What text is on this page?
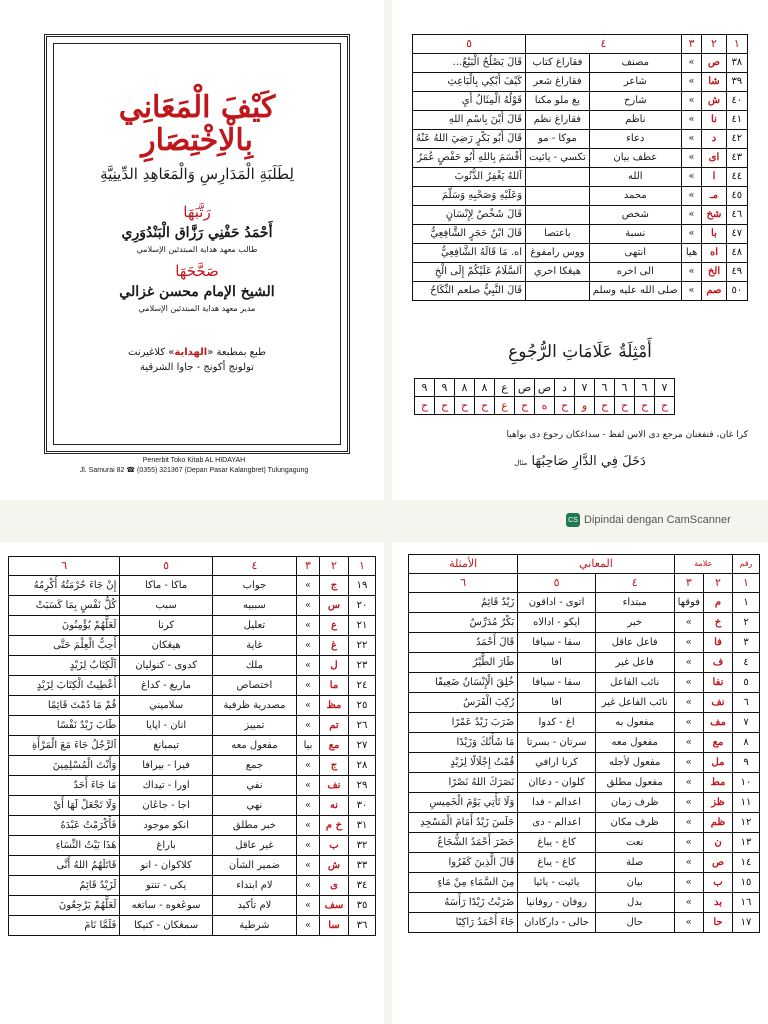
كَيْفَ الْمَعَانِي بِالْاِخْتِصَارِ
لِطَلَبَةِ الْمَدَارِسِ وَالْمَعَاهِدِ الدِّينِيَّةِ
رَتَّبَهَا
أَحْمَدُ حَفْنِي رَزَّاق الْبَنْدُوَرِي
طالب معهد هداية المبتدئين الإسلامي
صَحَّحَهَا
الشيخ الإمام محسن غزالي
مدير معهد هداية المبتدئين الإسلامي
طبع بمطبعة «الهداية» كلاغيرنت
تولونج أكونج - جاوا الشرقية
Penerbit Toko Kitab AL HIDAYAH
Jl. Samurai 82 ☎ (0355) 321367 (Depan Pasar Kalangbret) Tulungagung
١	٢	٣	٤		٥
٣٨	ص	»	مصنف	فقاراغ كتاب	قَالَ يَصْلُحُ الْبَيْعُ...
٣٩	شا	»	شاعر	فقاراغ شعر	كَيْفَ أَبْكِي بِالْبَاعِثِ
٤٠	ش	»	شارح	يغ ملو مكنا	قَوْلُهُ الْمِثَالُ أَيِ
٤١	نا	»	ناظم	فقاراغ نظم	قَالَ أَيْنَ بِاسْمِ اللهِ
٤٢	د	»	دعاء	موكا - مو	قَالَ أَبُو بَكْرٍ رَضِيَ اللهُ عَنْهُ
٤٣	اى	»	عطف بيان	تكسي - يائيت	أَقْسَمَ بِاللهِ أَبُو حَفْصٍ عُمَرُ
٤٤	ا	»	الله		اَللهُ يَغْفِرُ الذُّنُوبَ
٤٥	مـ	»	محمد		وَعَلَيْهِ وَصَحْبِهِ وَسَلَّمَ
٤٦	شخ	»	شخص		قَالَ شَخْصٌ لِإِنْسَانٍ
٤٧	با	»	نسبة	باعتصا	قَالَ ابْنُ حَجَرٍ الشَّافِعِيُّ
٤٨	اه	هيا	انتهى	ووس رامفوغ	اه. مَا قَالَهُ الشَّافِعِيُّ
٤٩	الخ	»	الى اخره	هيڠكا اخري	اَلسَّلَامُ عَلَيْكُمْ إِلَى الْخِ
٥٠	صم	»	صلى الله عليه وسلم		قَالَ النَّبِيُّ صلعم النِّكَاحُ
أَمْثِلَةُ عَلَامَاتِ الرُّجُوعِ
٩	٩	٨	٨	ع	ص	ص	د	٧	٦	٦	٦	٧
ح	ح	ح	ح	ع	ح	ه	ح	و	ح	ح	ح	ح
كرا غان، فنفغنان مرجع دى الاس لفظ - سداغكان رجوع دى بواهيا
دَخَلَ فِي الدَّارِ صَاحِبُهَا مثال
CS Dipindai dengan CamScanner
١	٢	٣	٤	٥	٦
١٩	ج	»	جواب	ماكا - ماكا	إِنْ جَاءَ حُرْمَتُهُ أُكْرِمُهُ
٢٠	س	»	سببيه	سبب	كُلُّ نَفْسٍ بِمَا كَسَبَتْ
٢١	ع	»	تعليل	كرنا	لَعَلَّهُمْ يُؤْمِنُونَ
٢٢	غ	»	غاية	هيڠكان	أُحِبُّ الْعِلْمَ حَتَّى
٢٣	ل	»	ملك	كدوى - كنوليان	اَلْكِتَابُ لِزَيْدٍ
٢٤	ما	»	اختصاص	ماريغ - كداغ	أُعْطِيتُ الْكِتَابَ لِزَيْدٍ
٢٥	مظ	»	مصدرية ظرفية	سلاميني	قُمْ مَا دُمْتَ قَائِمًا
٢٦	تم	»	تمييز	انان - اپايا	طَابَ زَيْدٌ نَفْسًا
٢٧	مع	بيا	مفعول معه	تيمبانغ	اَلرَّجُلُ جَاءَ مَعَ الْمَرْأَةِ
٢٨	ج	»	جمع	فيرا - بيرافا	وَأَنْتَ الْمُسْلِمِينَ
٢٩	نف	»	نفي	اورا - تيداك	مَا جَاءَ أَحَدٌ
٣٠	نه	»	نهي	اجا - جاڠان	وَلَا تَجْعَلْ لَهَا أَيْ
٣١	خ م	»	خبر مطلق	انكو موجود	فَأَكْرَمْتُ عَبْدَهُ
٣٢	ب	»	غير عاقل	باراغ	هَذَا بَيْتُ النِّسَاءِ
٣٣	ش	»	ضمير الشأن	كلاكوان - انو	قَاتَلَهُمُ اللهُ أَنَّى
٣٤	ى	»	لام ابتداء	يكى - تنتو	لَزَيْدٌ قَائِمٌ
٣٥	سف	»	لام تأكيد	سوڠغوه - ساتغه	لَعَلَّهُمْ يَرْجِعُونَ
٣٦	سا	»	شرطية	سمڠكان - كتيكا	فَلَمَّا نَامَ
رقم	علامة		المعاني		الأمثلة
١	٢	٣	٤	٥	٦
١	م	فوقها	مبتداء	اتوى - اداقون	زَيْدٌ قَائِمٌ
٢	خ	»	خبر	ايكو - ادالاه	بَكْرٌ مُدَرِّسٌ
٣	فا	»	فاعل عاقل	سفا - سيافا	قَالَ أَحْمَدُ
٤	ف	»	فاعل غير	افا	طَارَ الطَّيْرُ
٥	نفا	»	نائب الفاعل	سفا - سيافا	خُلِقَ الْإِنْسَانُ ضَعِيفًا
٦	نف	»	نائب الفاعل غير	افا	رُكِبَ الْفَرَسُ
٧	مف	»	مفعول به	اغ - كدوا	ضَرَبَ زَيْدٌ عَمْرًا
٨	مع	»	مفعول معه	سرتان - بسرتا	مَا شَأْنُكَ وَزَيْدًا
٩	مل	»	مفعول لأجله	كرنا ارافي	قُمْتُ إِجْلَالًا لِزَيْدٍ
١٠	مط	»	مفعول مطلق	كلوان - دعاان	نَصَرَكَ اللهُ نَصْرًا
١١	ظز	»	ظرف زمان	اعدالم - فدا	وَلَا تَأْتِي يَوْمَ الْخَمِيسِ
١٢	ظم	»	ظرف مكان	اعدالم - دى	جَلَسَ زَيْدٌ أَمَامَ الْمَسْجِدِ
١٣	ن	»	نعت	كاغ - يباغ	حَضَرَ أَحْمَدُ الشُّجَاعُ
١٤	ص	»	صلة	كاغ - يباغ	قَالَ الَّذِينَ كَفَرُوا
١٥	ب	»	بيان	يائيت - يائيا	مِنَ السَّمَاءِ مِنْ مَاءٍ
١٦	بد	»	بدل	روفان - روفانيا	ضَرَبْتُ زَيْدًا رَأْسَهُ
١٧	حا	»	حال	حالى - داركادان	جَاءَ أَحْمَدُ رَاكِبًا
